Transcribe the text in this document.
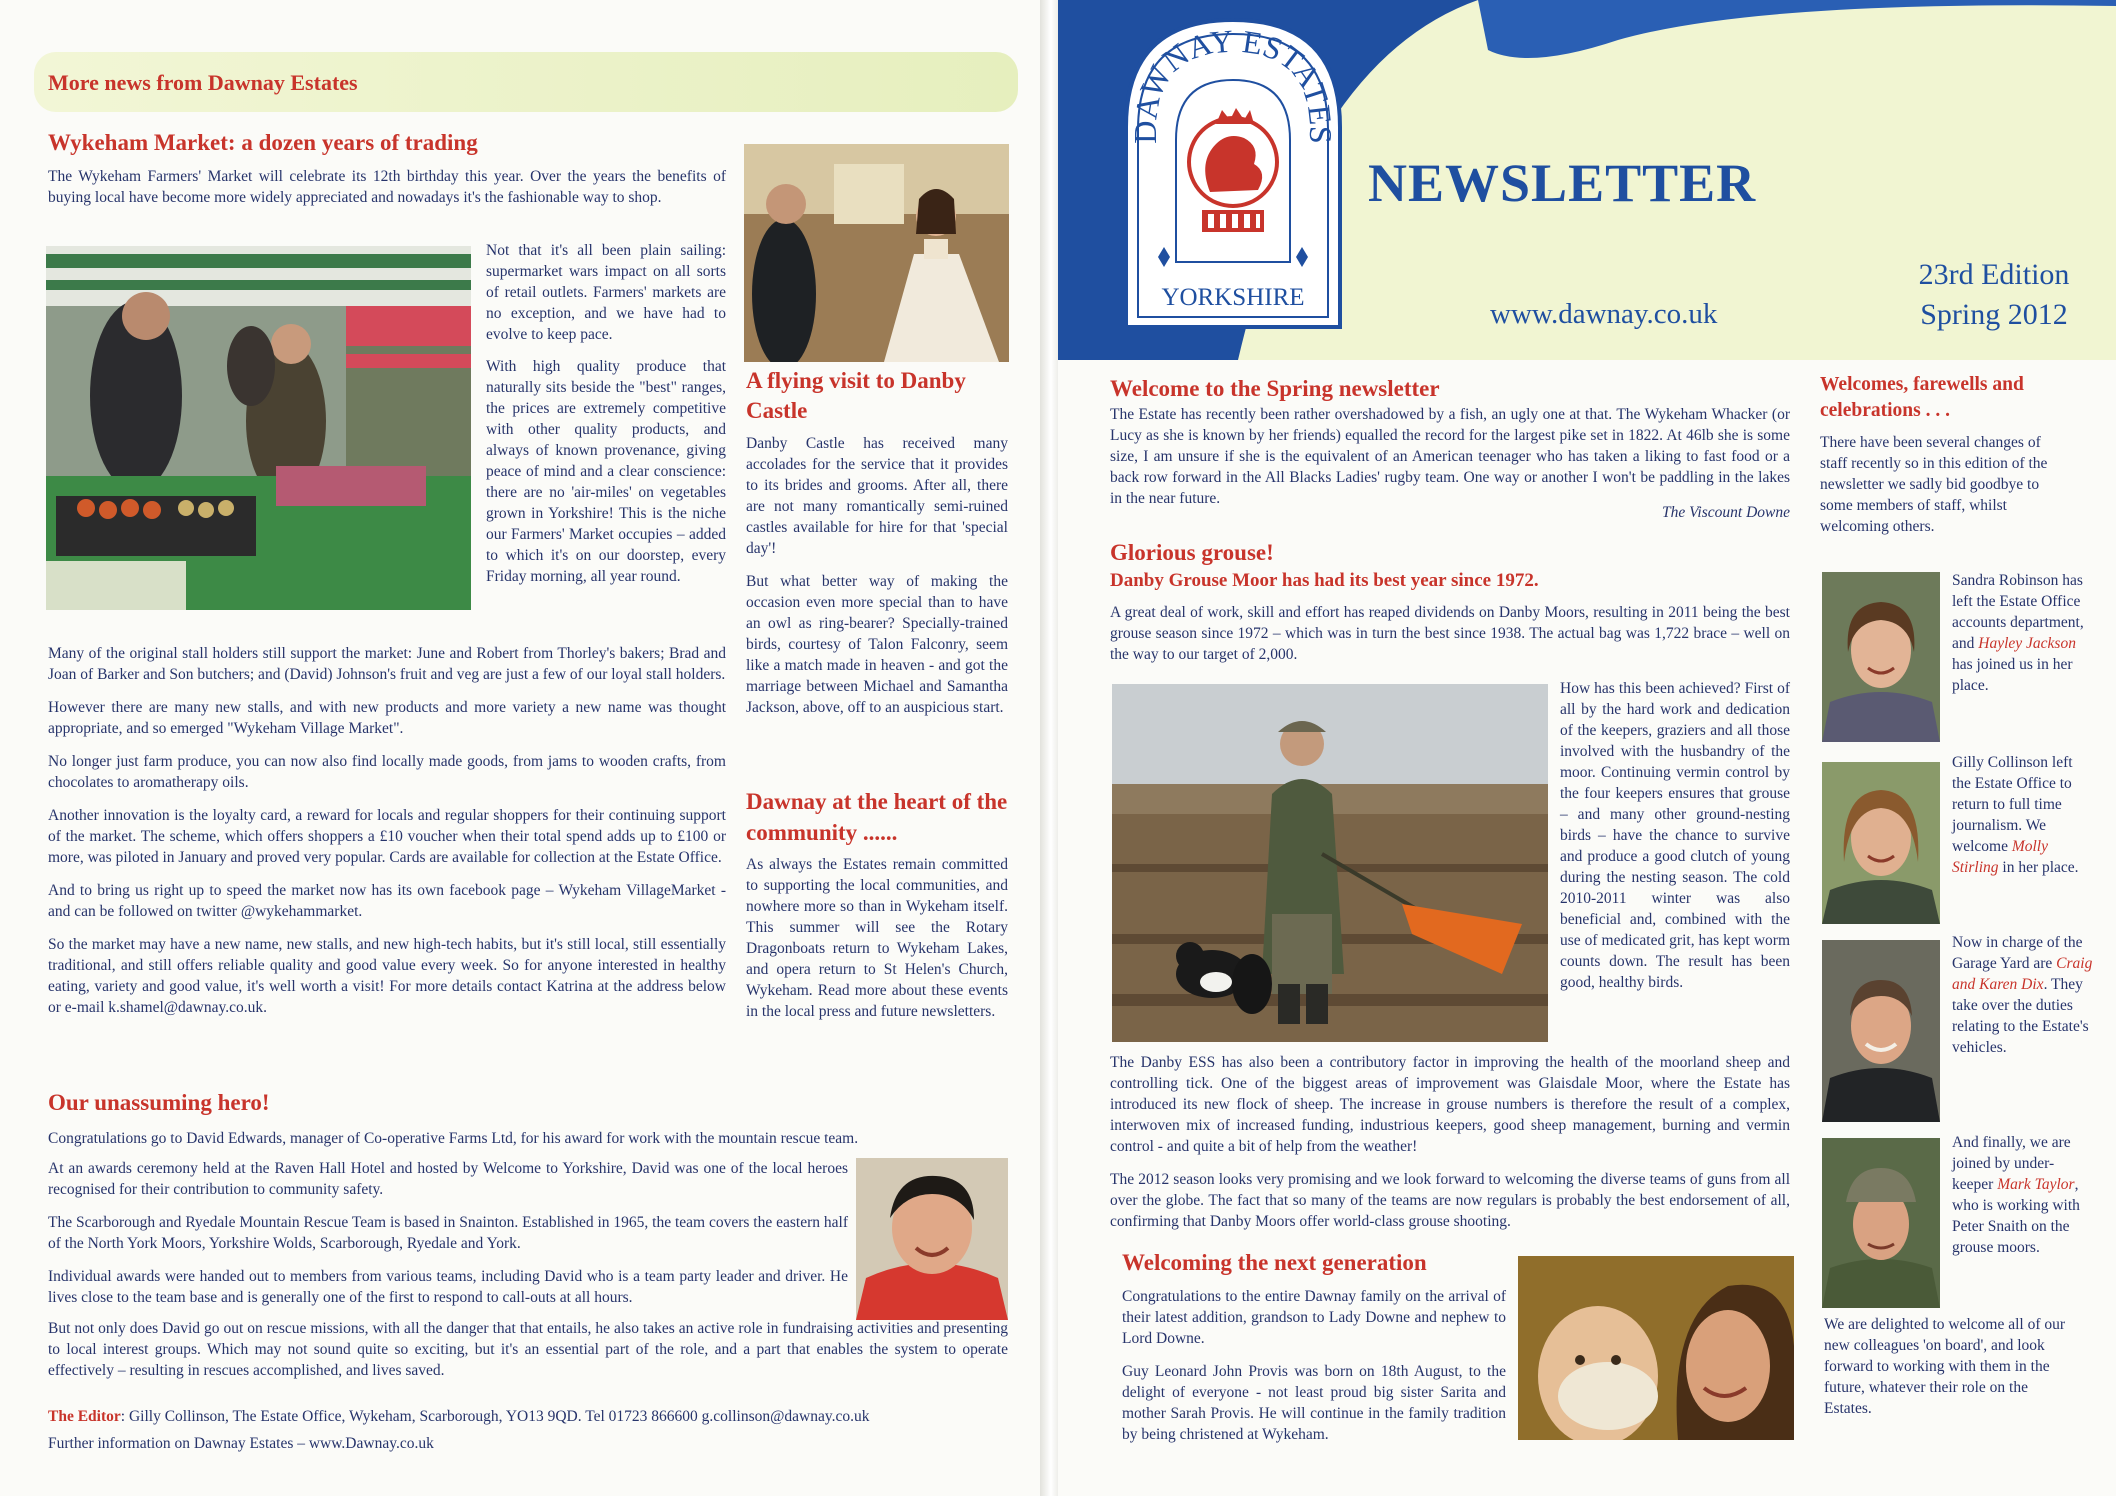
More news from Dawnay Estates
Wykeham Market: a dozen years of trading

The Wykeham Farmers' Market will celebrate its 12th birthday this year. Over the years the benefits of buying local have become more widely appreciated and nowadays it's the fashionable way to shop.

Not that it's all been plain sailing: supermarket wars impact on all sorts of retail outlets. Farmers' markets are no exception, and we have had to evolve to keep pace.

With high quality produce that naturally sits beside the "best" ranges, the prices are extremely competitive with other quality products, and always of known provenance, giving peace of mind and a clear conscience: there are no 'air-miles' on vegetables grown in Yorkshire! This is the niche our Farmers' Market occupies – added to which it's on our doorstep, every Friday morning, all year round.

Many of the original stall holders still support the market: June and Robert from Thorley's bakers; Brad and Joan of Barker and Son butchers; and (David) Johnson's fruit and veg are just a few of our loyal stall holders.

However there are many new stalls, and with new products and more variety a new name was thought appropriate, and so emerged "Wykeham Village Market".

No longer just farm produce, you can now also find locally made goods, from jams to wooden crafts, from chocolates to aromatherapy oils.

Another innovation is the loyalty card, a reward for locals and regular shoppers for their continuing support of the market. The scheme, which offers shoppers a £10 voucher when their total spend adds up to £100 or more, was piloted in January and proved very popular. Cards are available for collection at the Estate Office.

And to bring us right up to speed the market now has its own facebook page – Wykeham VillageMarket - and can be followed on twitter @wykehammarket.

So the market may have a new name, new stalls, and new high-tech habits, but it's still local, still essentially traditional, and still offers reliable quality and good value every week. So for anyone interested in healthy eating, variety and good value, it's well worth a visit! For more details contact Katrina at the address below or e-mail k.shamel@dawnay.co.uk.

A flying visit to Danby Castle

Danby Castle has received many accolades for the service that it provides to its brides and grooms. After all, there are not many romantically semi-ruined castles available for hire for that 'special day'!

But what better way of making the occasion even more special than to have an owl as ring-bearer? Specially-trained birds, courtesy of Talon Falconry, seem like a match made in heaven - and got the marriage between Michael and Samantha Jackson, above, off to an auspicious start.

Dawnay at the heart of the community ......

As always the Estates remain committed to supporting the local communities, and nowhere more so than in Wykeham itself. This summer will see the Rotary Dragonboats return to Wykeham Lakes, and opera return to St Helen's Church, Wykeham. Read more about these events in the local press and future newsletters.

Our unassuming hero!

Congratulations go to David Edwards, manager of Co-operative Farms Ltd, for his award for work with the mountain rescue team.

At an awards ceremony held at the Raven Hall Hotel and hosted by Welcome to Yorkshire, David was one of the local heroes recognised for their contribution to community safety.

The Scarborough and Ryedale Mountain Rescue Team is based in Snainton. Established in 1965, the team covers the eastern half of the North York Moors, Yorkshire Wolds, Scarborough, Ryedale and York.

Individual awards were handed out to members from various teams, including David who is a team party leader and driver. He lives close to the team base and is generally one of the first to respond to call-outs at all hours.

But not only does David go out on rescue missions, with all the danger that that entails, he also takes an active role in fundraising activities and presenting to local interest groups. Which may not sound quite so exciting, but it's an essential part of the role, and a part that enables the system to operate effectively – resulting in rescues accomplished, and lives saved.

The Editor: Gilly Collinson, The Estate Office, Wykeham, Scarborough, YO13 9QD. Tel 01723 866600 g.collinson@dawnay.co.uk
Further information on Dawnay Estates – www.Dawnay.co.uk
DAWNAY ESTATES
YORKSHIRE
NEWSLETTER
www.dawnay.co.uk
23rd Edition
Spring 2012
Welcome to the Spring newsletter

The Estate has recently been rather overshadowed by a fish, an ugly one at that. The Wykeham Whacker (or Lucy as she is known by her friends) equalled the record for the largest pike set in 1822. At 46lb she is some size, I am unsure if she is the equivalent of an American teenager who has taken a liking to fast food or a back row forward in the All Blacks Ladies' rugby team. One way or another I won't be paddling in the lakes in the near future.

The Viscount Downe
Glorious grouse!
Danby Grouse Moor has had its best year since 1972.

A great deal of work, skill and effort has reaped dividends on Danby Moors, resulting in 2011 being the best grouse season since 1972 – which was in turn the best since 1938. The actual bag was 1,722 brace – well on the way to our target of 2,000.

How has this been achieved? First of all by the hard work and dedication of the keepers, graziers and all those involved with the husbandry of the moor. Continuing vermin control by the four keepers ensures that grouse – and many other ground-nesting birds – have the chance to survive and produce a good clutch of young during the nesting season. The cold 2010-2011 winter was also beneficial and, combined with the use of medicated grit, has kept worm counts down. The result has been good, healthy birds.

The Danby ESS has also been a contributory factor in improving the health of the moorland sheep and controlling tick. One of the biggest areas of improvement was Glaisdale Moor, where the Estate has introduced its new flock of sheep. The increase in grouse numbers is therefore the result of a complex, interwoven mix of increased funding, industrious keepers, good sheep management, burning and vermin control - and quite a bit of help from the weather!

The 2012 season looks very promising and we look forward to welcoming the diverse teams of guns from all over the globe. The fact that so many of the teams are now regulars is probably the best endorsement of all, confirming that Danby Moors offer world-class grouse shooting.

Welcoming the next generation

Congratulations to the entire Dawnay family on the arrival of their latest addition, grandson to Lady Downe and nephew to Lord Downe.

Guy Leonard John Provis was born on 18th August, to the delight of everyone - not least proud big sister Sarita and mother Sarah Provis. He will continue in the family tradition by being christened at Wykeham.

Welcomes, farewells and celebrations . . .

There have been several changes of staff recently so in this edition of the newsletter we sadly bid goodbye to some members of staff, whilst welcoming others.

Sandra Robinson has left the Estate Office accounts department, and Hayley Jackson has joined us in her place.
Gilly Collinson left the Estate Office to return to full time journalism. We welcome Molly Stirling in her place.
Now in charge of the Garage Yard are Craig and Karen Dix. They take over the duties relating to the Estate's vehicles.
And finally, we are joined by under-keeper Mark Taylor, who is working with Peter Snaith on the grouse moors.

We are delighted to welcome all of our new colleagues 'on board', and look forward to working with them in the future, whatever their role on the Estates.
